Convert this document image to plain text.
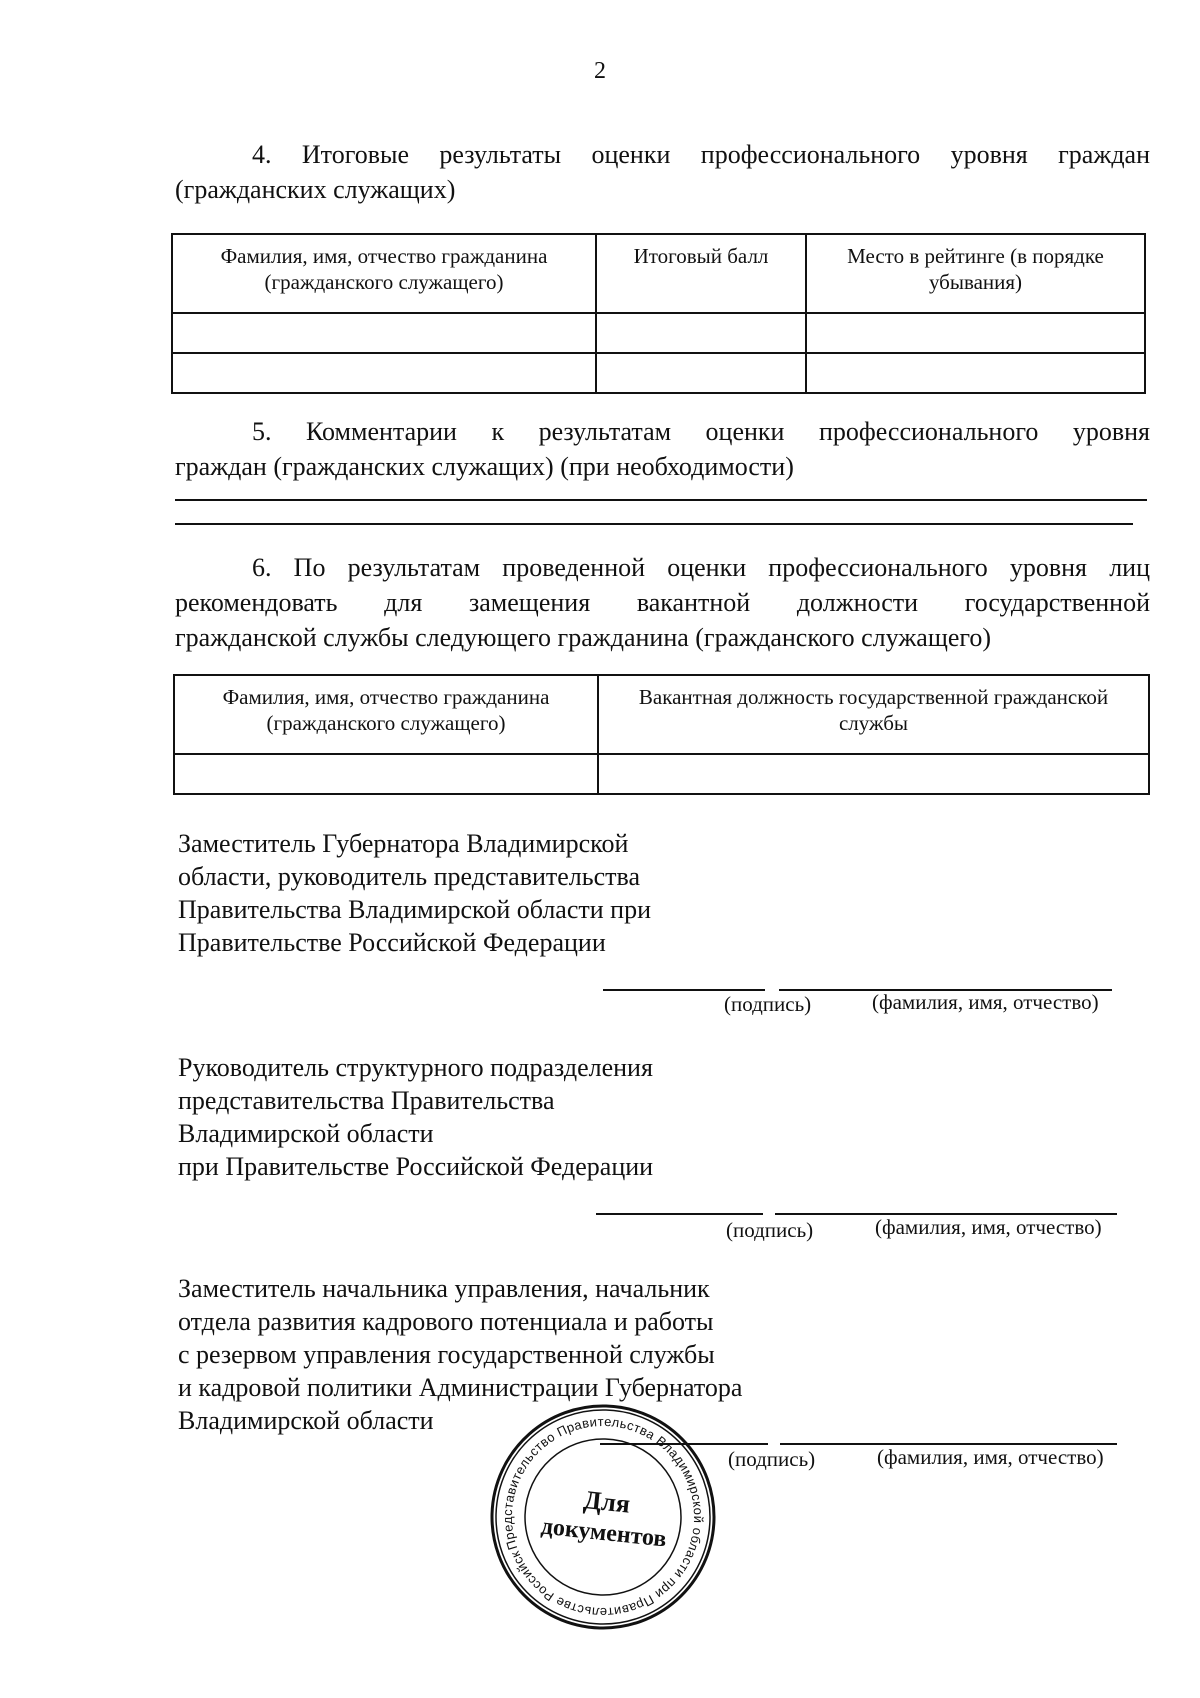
2
4. Итоговые результаты оценки профессионального уровня граждан
(гражданских служащих)
Фамилия, имя, отчество гражданина (гражданского служащего)	Итоговый балл	Место в рейтинге (в порядке убывания)

5. Комментарии к результатам оценки профессионального уровня
граждан (гражданских служащих) (при необходимости)
6. По результатам проведенной оценки профессионального уровня лиц
рекомендовать для замещения вакантной должности государственной
гражданской службы следующего гражданина (гражданского служащего)
Фамилия, имя, отчество гражданина (гражданского служащего)	Вакантная должность государственной гражданской службы

Заместитель Губернатора Владимирской
области, руководитель представительства
Правительства Владимирской области при
Правительстве Российской Федерации
(подпись)	(фамилия, имя, отчество)
Руководитель структурного подразделения
представительства Правительства
Владимирской области
при Правительстве Российской Федерации
(подпись)	(фамилия, имя, отчество)
Заместитель начальника управления, начальник
отдела развития кадрового потенциала и работы
с резервом управления государственной службы
и кадровой политики Администрации Губернатора
Владимирской области
(подпись)	(фамилия, имя, отчество)
Представительство Правительства Владимирской области при Правительстве Российской
Для
документов
